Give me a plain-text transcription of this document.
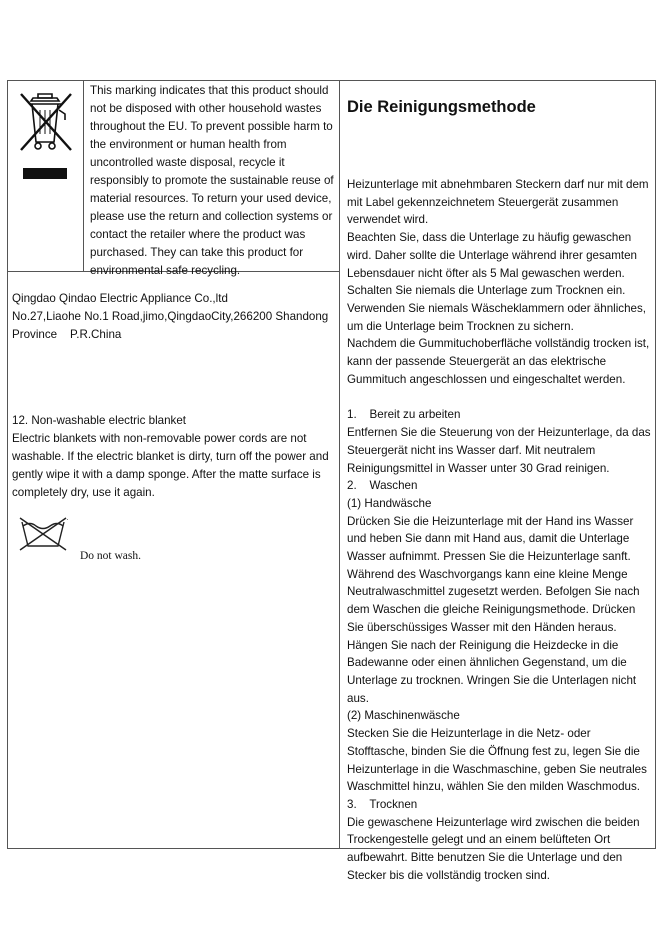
This marking indicates that this product should not be disposed with other household wastes throughout the EU. To prevent possible harm to the environment or human health from uncontrolled waste disposal, recycle it responsibly to promote the sustainable reuse of material resources. To return your used device, please use the return and collection systems or contact the retailer where the product was purchased. They can take this product for environmental safe recycling.

Qingdao Qindao Electric Appliance Co.,ltd

No.27,Liaohe No.1 Road,jimo,QingdaoCity,266200 Shandong

Province    P.R.China

12. Non-washable electric blanket

Electric blankets with non-removable power cords are not washable. If the electric blanket is dirty, turn off the power and gently wipe it with a damp sponge. After the matte surface is completely dry, use it again.

·
Do not wash.

Die Reinigungsmethode

Heizunterlage mit abnehmbaren Steckern darf nur mit dem mit Label gekennzeichnetem Steuergerät zusammen verwendet wird.

Beachten Sie, dass die Unterlage zu häufig gewaschen wird. Daher sollte die Unterlage während ihrer gesamten Lebensdauer nicht öfter als 5 Mal gewaschen werden. Schalten Sie niemals die Unterlage zum Trocknen ein. Verwenden Sie niemals Wäscheklammern oder ähnliches, um die Unterlage beim Trocknen zu sichern.

Nachdem die Gummituchoberfläche vollständig trocken ist, kann der passende Steuergerät an das elektrische Gummituch angeschlossen und eingeschaltet werden.

1.    Bereit zu arbeiten

Entfernen Sie die Steuerung von der Heizunterlage, da das Steuergerät nicht ins Wasser darf. Mit neutralem Reinigungsmittel in Wasser unter 30 Grad reinigen.

2.    Waschen

(1) Handwäsche

Drücken Sie die Heizunterlage mit der Hand ins Wasser und heben Sie dann mit Hand aus, damit die Unterlage Wasser aufnimmt. Pressen Sie die Heizunterlage sanft. Während des Waschvorgangs kann eine kleine Menge Neutralwaschmittel zugesetzt werden. Befolgen Sie nach dem Waschen die gleiche Reinigungsmethode. Drücken Sie überschüssiges Wasser mit den Händen heraus. Hängen Sie nach der Reinigung die Heizdecke in die Badewanne oder einen ähnlichen Gegenstand, um die Unterlage zu trocknen. Wringen Sie die Unterlagen nicht aus.

(2) Maschinenwäsche

Stecken Sie die Heizunterlage in die Netz- oder Stofftasche, binden Sie die Öffnung fest zu, legen Sie die Heizunterlage in die Waschmaschine, geben Sie neutrales Waschmittel hinzu, wählen Sie den milden Waschmodus.

3.    Trocknen

Die gewaschene Heizunterlage wird zwischen die beiden Trockengestelle gelegt und an einem belüfteten Ort aufbewahrt. Bitte benutzen Sie die Unterlage und den Stecker bis die vollständig trocken sind.
